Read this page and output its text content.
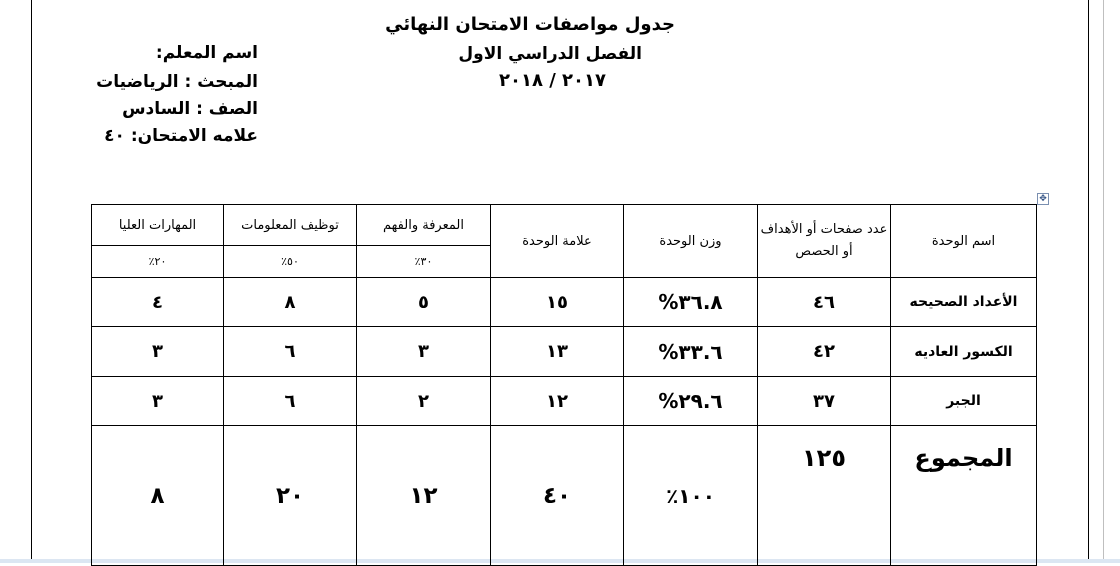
جدول مواصفات الامتحان النهائي
الفصل الدراسي الاول
٢٠١٧ / ٢٠١٨
اسم المعلم:
المبحث : الرياضيات
الصف : السادس
علامه الامتحان: ٤٠
✥
اسم الوحدة	عدد صفحات أو الأهداف أو الحصص	وزن الوحدة	علامة الوحدة	المعرفة والفهم	توظيف المعلومات	المهارات العليا
				٣٠٪	٥٠٪	٢٠٪
الأعداد الصحيحه	٤٦	٣٦.٨%	١٥	٥	٨	٤
الكسور العاديه	٤٢	٣٣.٦%	١٣	٣	٦	٣
الجبر	٣٧	٢٩.٦%	١٢	٢	٦	٣
المجموع	١٢٥	١٠٠٪	٤٠	١٢	٢٠	٨
